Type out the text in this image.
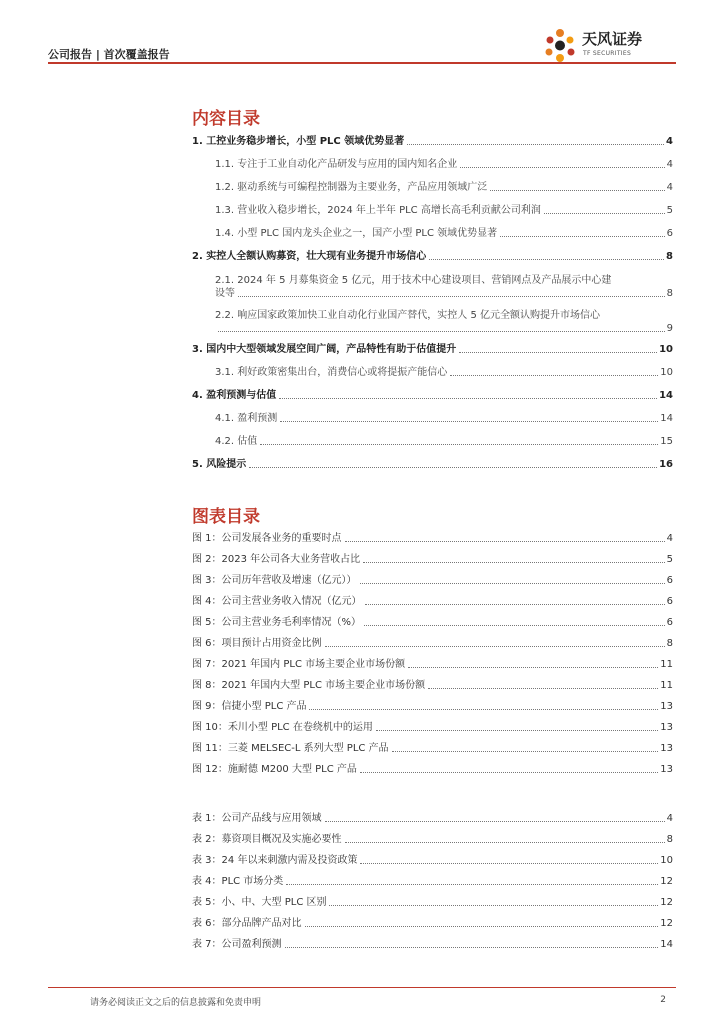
公司报告 | 首次覆盖报告
天风证券
TF SECURITIES
内容目录
1. 工控业务稳步增长，小型 PLC 领域优势显著	4
1.1. 专注于工业自动化产品研发与应用的国内知名企业	4
1.2. 驱动系统与可编程控制器为主要业务，产品应用领域广泛	4
1.3. 营业收入稳步增长，2024 年上半年 PLC 高增长高毛利贡献公司利润	5
1.4. 小型 PLC 国内龙头企业之一，国产小型 PLC 领域优势显著	6
2. 实控人全额认购募资，壮大现有业务提升市场信心	8
2.1. 2024 年 5 月募集资金 5 亿元，用于技术中心建设项目、营销网点及产品展示中心建
设等	8
2.2. 响应国家政策加快工业自动化行业国产替代，实控人 5 亿元全额认购提升市场信心
9
3. 国内中大型领域发展空间广阔，产品特性有助于估值提升	10
3.1. 利好政策密集出台，消费信心或将提振产能信心	10
4. 盈利预测与估值	14
4.1. 盈利预测	14
4.2. 估值	15
5. 风险提示	16
图表目录
图 1：公司发展各业务的重要时点	4
图 2：2023 年公司各大业务营收占比	5
图 3：公司历年营收及增速（亿元））	6
图 4：公司主营业务收入情况（亿元）	6
图 5：公司主营业务毛利率情况（%）	6
图 6：项目预计占用资金比例	8
图 7：2021 年国内 PLC 市场主要企业市场份额	11
图 8：2021 年国内大型 PLC 市场主要企业市场份额	11
图 9：信捷小型 PLC 产品	13
图 10：禾川小型 PLC 在卷绕机中的运用	13
图 11：三菱 MELSEC-L 系列大型 PLC 产品	13
图 12：施耐德 M200 大型 PLC 产品	13
表 1：公司产品线与应用领域	4
表 2：募资项目概况及实施必要性	8
表 3：24 年以来刺激内需及投资政策	10
表 4：PLC 市场分类	12
表 5：小、中、大型 PLC 区别	12
表 6：部分品牌产品对比	12
表 7：公司盈利预测	14
请务必阅读正文之后的信息披露和免责申明	2
